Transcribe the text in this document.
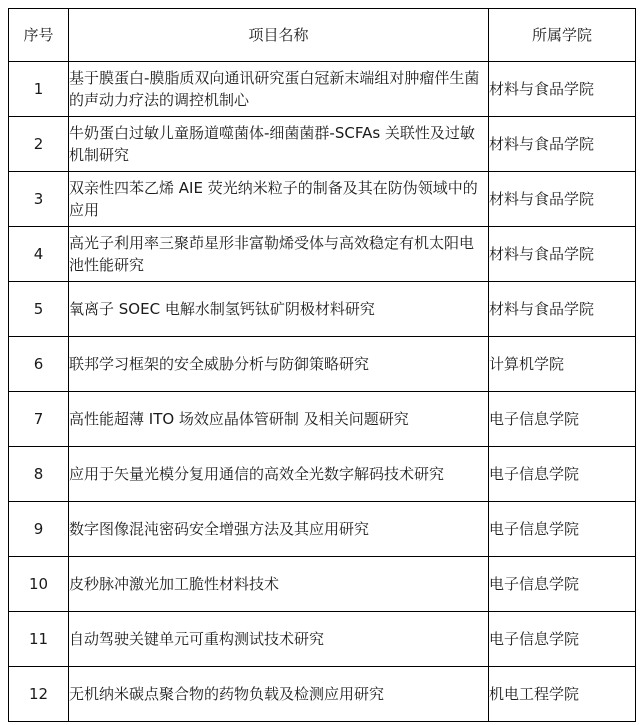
序号	项目名称	所属学院
1	基于膜蛋白-膜脂质双向通讯研究蛋白冠新末端组对肿瘤伴生菌的声动力疗法的调控机制心	材料与食品学院
2	牛奶蛋白过敏儿童肠道噬菌体-细菌菌群-SCFAs 关联性及过敏机制研究	材料与食品学院
3	双亲性四苯乙烯 AIE 荧光纳米粒子的制备及其在防伪领域中的应用	材料与食品学院
4	高光子利用率三聚茚星形非富勒烯受体与高效稳定有机太阳电池性能研究	材料与食品学院
5	氧离子 SOEC 电解水制氢钙钛矿阴极材料研究	材料与食品学院
6	联邦学习框架的安全威胁分析与防御策略研究	计算机学院
7	高性能超薄 ITO 场效应晶体管研制 及相关问题研究	电子信息学院
8	应用于矢量光模分复用通信的高效全光数字解码技术研究	电子信息学院
9	数字图像混沌密码安全增强方法及其应用研究	电子信息学院
10	皮秒脉冲激光加工脆性材料技术	电子信息学院
11	自动驾驶关键单元可重构测试技术研究	电子信息学院
12	无机纳米碳点聚合物的药物负载及检测应用研究	机电工程学院
